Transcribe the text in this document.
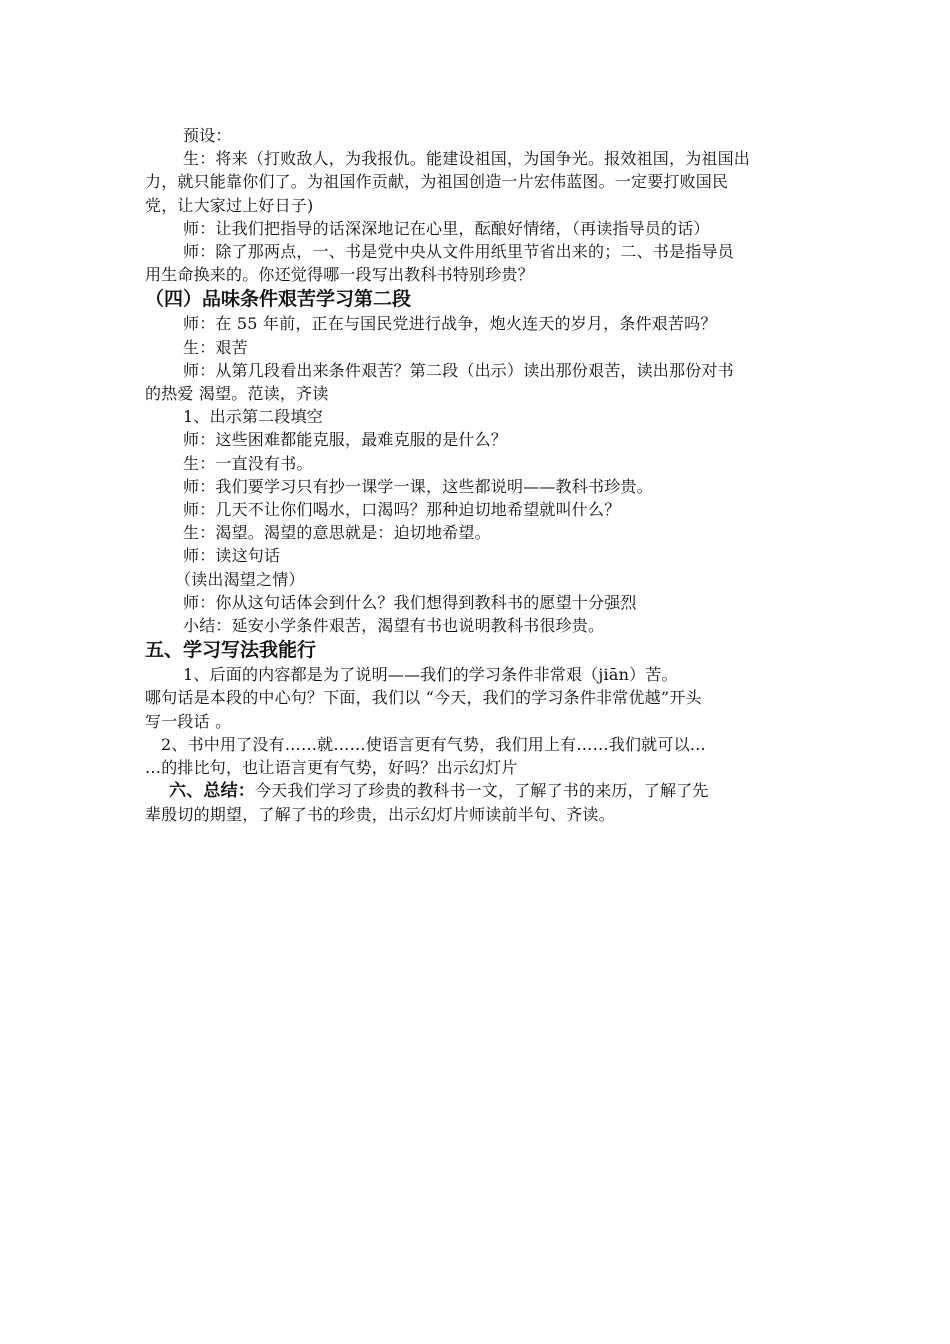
预设：
生：将来（打败敌人，为我报仇。能建设祖国，为国争光。报效祖国，为祖国出
力，就只能靠你们了。为祖国作贡献，为祖国创造一片宏伟蓝图。一定要打败国民
党，让大家过上好日子)
师：让我们把指导的话深深地记在心里，酝酿好情绪，（再读指导员的话）
师：除了那两点，一、书是党中央从文件用纸里节省出来的；二、书是指导员
用生命换来的。你还觉得哪一段写出教科书特别珍贵？
（四）品味条件艰苦学习第二段
师：在 55 年前，正在与国民党进行战争，炮火连天的岁月，条件艰苦吗？
生：艰苦
师：从第几段看出来条件艰苦？第二段（出示）读出那份艰苦，读出那份对书
的热爱 渴望。范读，齐读
1、出示第二段填空
师：这些困难都能克服，最难克服的是什么？
生：一直没有书。
师：我们要学习只有抄一课学一课，这些都说明——教科书珍贵。
师：几天不让你们喝水，口渴吗？那种迫切地希望就叫什么？
生：渴望。渴望的意思就是：迫切地希望。
师：读这句话
（读出渴望之情）
师：你从这句话体会到什么？我们想得到教科书的愿望十分强烈
小结：延安小学条件艰苦，渴望有书也说明教科书很珍贵。
五、学习写法我能行
1、后面的内容都是为了说明——我们的学习条件非常艰（jiān）苦。
哪句话是本段的中心句？下面，我们以 “今天，我们的学习条件非常优越”开头
写一段话 。
2、书中用了没有……就……使语言更有气势，我们用上有……我们就可以…
…的排比句，也让语言更有气势，好吗？出示幻灯片
六、总结：今天我们学习了珍贵的教科书一文，了解了书的来历，了解了先
辈殷切的期望，了解了书的珍贵，出示幻灯片师读前半句、齐读。
